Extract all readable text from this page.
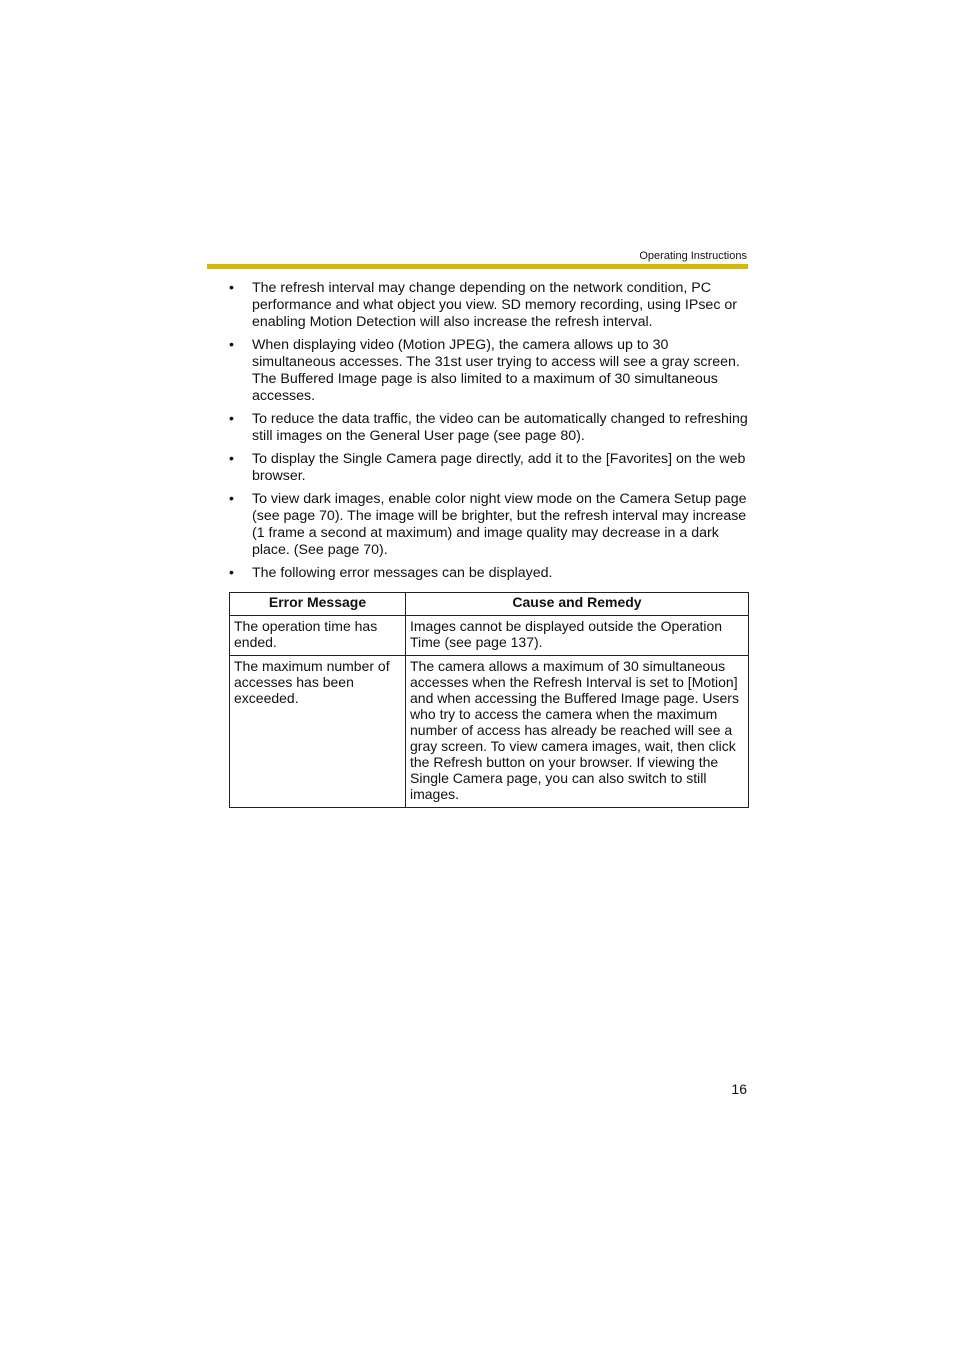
Operating Instructions
• The refresh interval may change depending on the network condition, PC performance and what object you view. SD memory recording, using IPsec or enabling Motion Detection will also increase the refresh interval.
• When displaying video (Motion JPEG), the camera allows up to 30 simultaneous accesses. The 31st user trying to access will see a gray screen. The Buffered Image page is also limited to a maximum of 30 simultaneous accesses.
• To reduce the data traffic, the video can be automatically changed to refreshing still images on the General User page (see page 80).
• To display the Single Camera page directly, add it to the [Favorites] on the web browser.
• To view dark images, enable color night view mode on the Camera Setup page (see page 70). The image will be brighter, but the refresh interval may increase (1 frame a second at maximum) and image quality may decrease in a dark place. (See page 70).
• The following error messages can be displayed.
Error Message	Cause and Remedy
The operation time has ended.	Images cannot be displayed outside the Operation Time (see page 137).
The maximum number of accesses has been exceeded.	The camera allows a maximum of 30 simultaneous accesses when the Refresh Interval is set to [Motion] and when accessing the Buffered Image page. Users who try to access the camera when the maximum number of access has already be reached will see a gray screen. To view camera images, wait, then click the Refresh button on your browser. If viewing the Single Camera page, you can also switch to still images.
16
